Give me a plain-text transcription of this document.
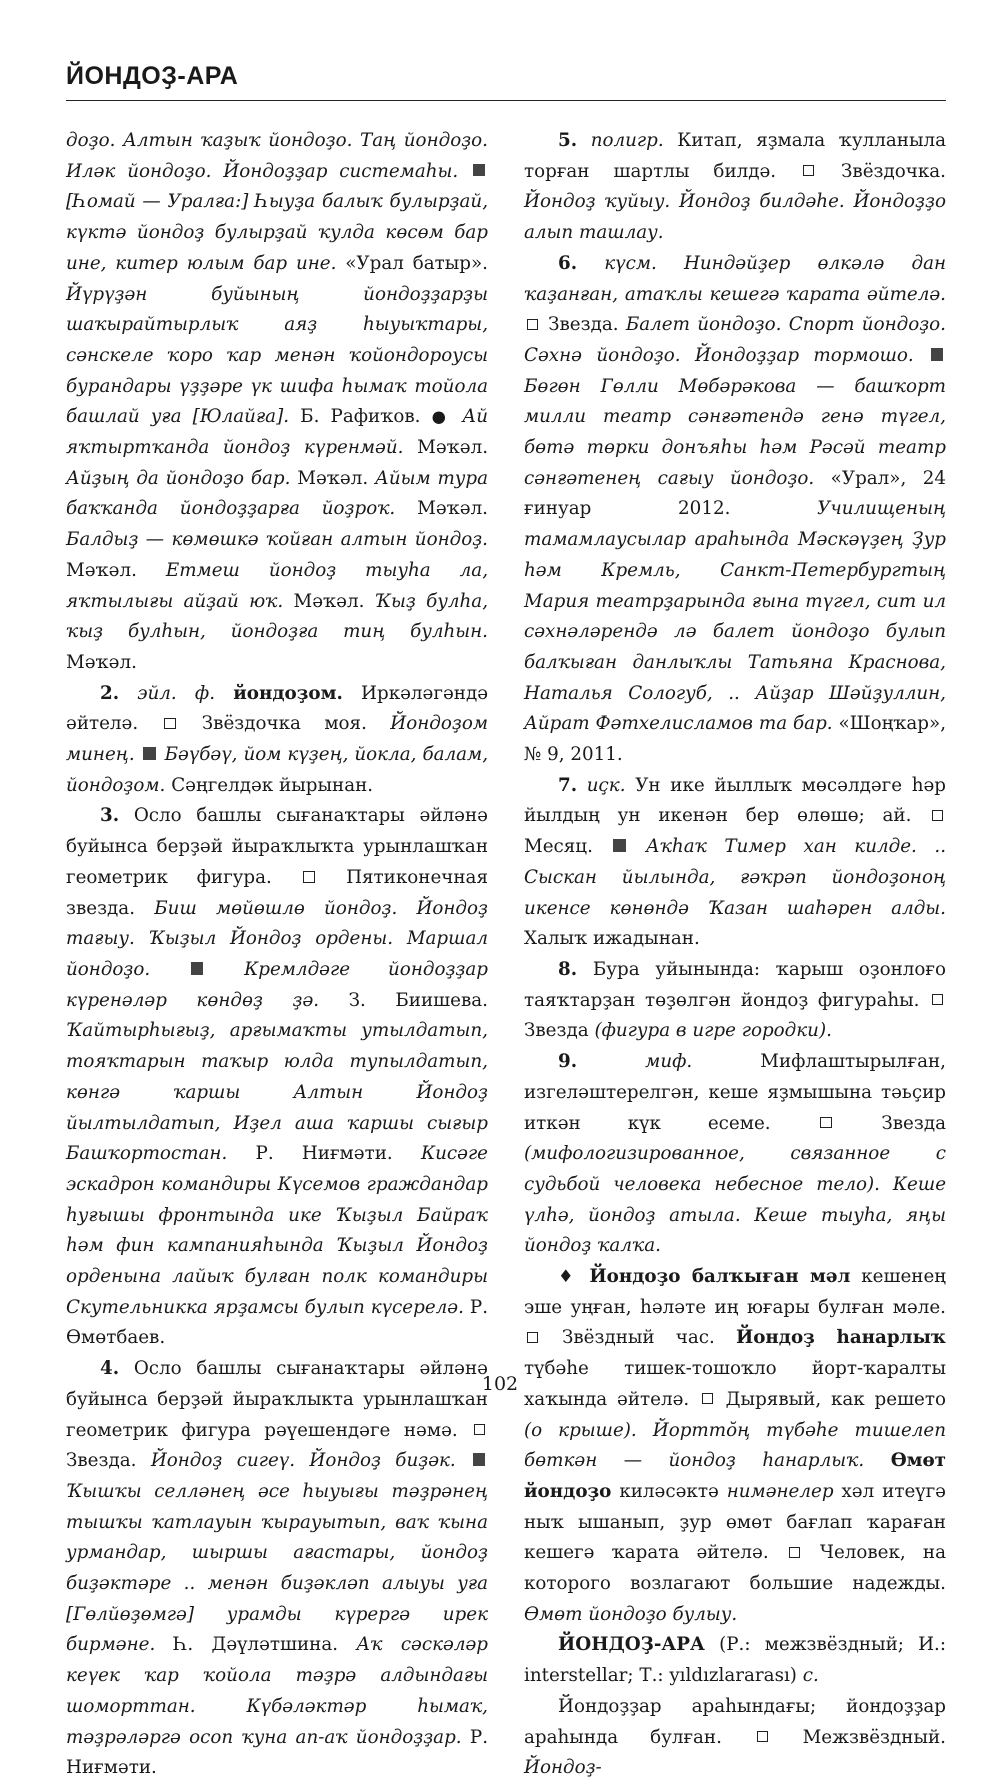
ЙОНДОҘ-АРА

доҙо. Алтын ҡаҙыҡ йондоҙо. Таң йондоҙо. Иләк йондоҙо. Йондоҙҙар системаһы.  [Һомай — Уралға:] Һыуҙа балыҡ булырҙай, күктә йондоҙ булырҙай ҡулда көсөм бар ине, китер юлым бар ине. «Урал батыр». Йүрүҙән буйының йондоҙҙарҙы шаҡырайтырлыҡ аяҙ һыуыҡтары, сәнскеле ҡоро ҡар менән ҡойондороусы бурандары үҙҙәре үк шифа һымаҡ тойола башлай уға [Юлайға]. Б. Рафиҡов. ● Ай яҡтыртҡанда йондоҙ күренмәй. Мәҡәл. Айҙың да йондоҙо бар. Мәҡәл. Айым тура баҡҡанда йондоҙҙарға йоҙроҡ. Мәҡәл. Балдыҙ — көмөшкә ҡойған алтын йондоҙ. Мәҡәл. Етмеш йондоҙ тыуһа ла, яҡтылығы айҙай юҡ. Мәҡәл. Ҡыҙ булһа, ҡыҙ булһын, йондоҙға тиң булһын. Мәҡәл.

2. эйл. ф. йондоҙом. Иркәләгәндә әйтелә.	Звёздочка моя. Йондоҙом минең. Бәүбәү, йом күҙең, йокла, балам, йондоҙом. Сәңгелдәк йырынан.

3. Осло башлы сығанаҡтары әйләнә буйынса берҙәй йыраҡлыҡта урынлашҡан геометрик фигура.	Пятиконечная звезда. Биш мөйөшлө йондоҙ. Йондоҙ тағыу. Ҡыҙыл Йондоҙ ордены. Маршал йондоҙо.	Кремлдәге йондоҙҙар күренәләр көндөҙ ҙә. З. Биишева. Ҡайтырһығыҙ, арғымаҡты утылдатып, тояҡтарын таҡыр юлда тупылдатып, көнгә ҡаршы Алтын Йондоҙ йылтылдатып, Иҙел аша ҡаршы сығыр Башҡортостан. Р. Ниғмәти. Кисәге эскадрон командиры Күсемов граждандар һуғышы фронтында ике Ҡыҙыл Байраҡ һәм фин кампанияһында Ҡыҙыл Йондоҙ орденына лайыҡ булған полк командиры Скутельникка ярҙамсы булып күсерелә. Р. Өмөтбаев.

4. Осло башлы сығанаҡтары әйләнә буйынса берҙәй йыраҡлыкта урынлашҡан геометрик фигура рәүешендәге нәмә.  Звезда. Йондоҙ сигеү. Йондоҙ биҙәк.  Ҡышҡы селләнең әсе һыуығы тәҙрәнең тышҡы ҡатлауын ҡырауытып, ваҡ ҡына урмандар, шыршы ағастары, йондоҙ биҙәктәре .. менән биҙәкләп алыуы уға [Гөлйөҙөмгә] урамды күрергә ирек бирмәне. Һ. Дәүләтшина. Аҡ сәскәләр кеүек ҡар ҡойола тәҙрә алдындағы шоморттан. Күбәләктәр һымаҡ, тәҙрәләргә осоп ҡуна ап-аҡ йондоҙҙар. Р. Ниғмәти.

5. полигр. Китап, яҙмала ҡулланыла торған шартлы билдә.	Звёздочка. Йондоҙ ҡуйыу. Йондоҙ билдәһе. Йондоҙҙо алып ташлау.

6. күсм. Ниндәйҙер өлкәлә дан ҡаҙанған, атаҡлы кешегә ҡарата әйтелә.  Звезда. Балет йондоҙо. Спорт йондоҙо. Сәхнә йондоҙо. Йондоҙҙар тормошо.  Бөгөн Гөлли Мөбәрәкова — башҡорт милли театр сәнғәтендә генә түгел, бөтә төрки донъяһы һәм Рәсәй театр сәнғәтенең сағыу йондоҙо. «Урал», 24 ғинуар 2012.	Училищеның тамамлаусылар араһында Мәскәүҙең Ҙур һәм Кремль, Санкт-Петербургтың Мария театрҙарында ғына түгел, сит ил сәхнәләрендә лә балет йондоҙо булып балҡыған данлыҡлы Татьяна Краснова, Наталья Сологуб, .. Айҙар Шәйҙуллин, Айрат Фәтхелисламов та бар. «Шоңҡар», № 9, 2011.

7. иҫк. Ун ике йыллыҡ мөсәлдәге һәр йылдың ун икенән бер өлөшө; ай.  Месяц.	Аҡһаҡ Тимер хан килде. .. Сыскан йылында, ғәҡрәп йондоҙоноң икенсе көнөндә Ҡазан шаһәрен алды. Халыҡ ижадынан.

8. Бура уйынында: ҡарыш оҙонлоғо таяҡтарҙан төҙөлгән йондоҙ фигураһы.  Звезда (фигура в игре городки).

9.	миф.	Мифлаштырылған, изгеләштерелгән, кеше яҙмышына тәьҫир иткән күк есеме.	Звезда (мифологизированное, связанное с судьбой человека небесное тело). Кеше үлһә, йондоҙ атыла. Кеше тыуһа, яңы йондоҙ ҡалҡа.

♦ Йондоҙо балҡыған мәл кешенең эше уңған, һәләте иң юғары булған мәле.  Звёздный час. Йондоҙ һанарлыҡ түбәһе тишек-тошоҡло йорт-ҡаралты хаҡында әйтелә. Дырявый, как решето (о крыше). Йортто̆ң түбәһе тишелеп бөткән — йондоҙ һанарлыҡ. Өмөт йондоҙо киләсәктә нимәнелер хәл итеүгә ныҡ ышанып, ҙур өмөт бағлап ҡараған кешегә ҡарата әйтелә.	Человек, на которого возлагают большие надежды. Өмөт йондоҙо булыу.

ЙОНДОҘ-АРА (Р.: межзвёздный; И.: interstellar; Т.: yıldızlararası) с.

Йондоҙҙар араһындағы; йондоҙҙар араһында булған.	Межзвёздный. Йондоҙ-

102
